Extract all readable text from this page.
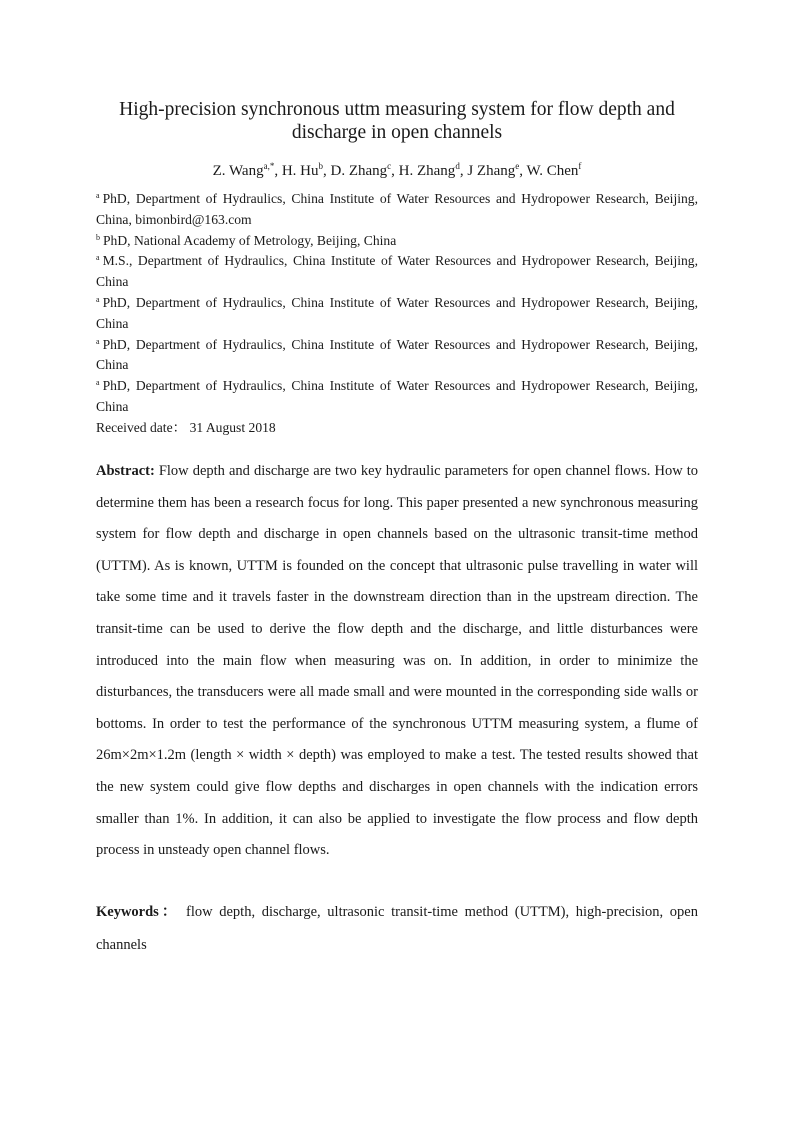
High-precision synchronous uttm measuring system for flow depth and
discharge in open channels
Z. Wang$^{a,*}$, H. Hu$^b$, D. Zhang$^c$, H. Zhang$^d$, J Zhang$^e$, W. Chen$^f$

$^a$ PhD, Department of Hydraulics, China Institute of Water Resources and Hydropower Research, Beijing, China, bimonbird@163.com

$^b$ PhD, National Academy of Metrology, Beijing, China

$^a$ M.S., Department of Hydraulics, China Institute of Water Resources and Hydropower Research, Beijing, China

$^a$ PhD, Department of Hydraulics, China Institute of Water Resources and Hydropower Research, Beijing, China

$^a$ PhD, Department of Hydraulics, China Institute of Water Resources and Hydropower Research, Beijing, China

$^a$ PhD, Department of Hydraulics, China Institute of Water Resources and Hydropower Research, Beijing, China

Received date： 31 August 2018

Abstract: Flow depth and discharge are two key hydraulic parameters for open channel flows. How to determine them has been a research focus for long. This paper presented a new synchronous measuring system for flow depth and discharge in open channels based on the ultrasonic transit-time method (UTTM). As is known, UTTM is founded on the concept that ultrasonic pulse travelling in water will take some time and it travels faster in the downstream direction than in the upstream direction. The transit-time can be used to derive the flow depth and the discharge, and little disturbances were introduced into the main flow when measuring was on. In addition, in order to minimize the disturbances, the transducers were all made small and were mounted in the corresponding side walls or bottoms. In order to test the performance of the synchronous UTTM measuring system, a flume of 26m×2m×1.2m (length × width × depth) was employed to make a test. The tested results showed that the new system could give flow depths and discharges in open channels with the indication errors smaller than 1%. In addition, it can also be applied to investigate the flow process and flow depth process in unsteady open channel flows.

Keywords： flow depth, discharge, ultrasonic transit-time method (UTTM), high-precision, open channels
